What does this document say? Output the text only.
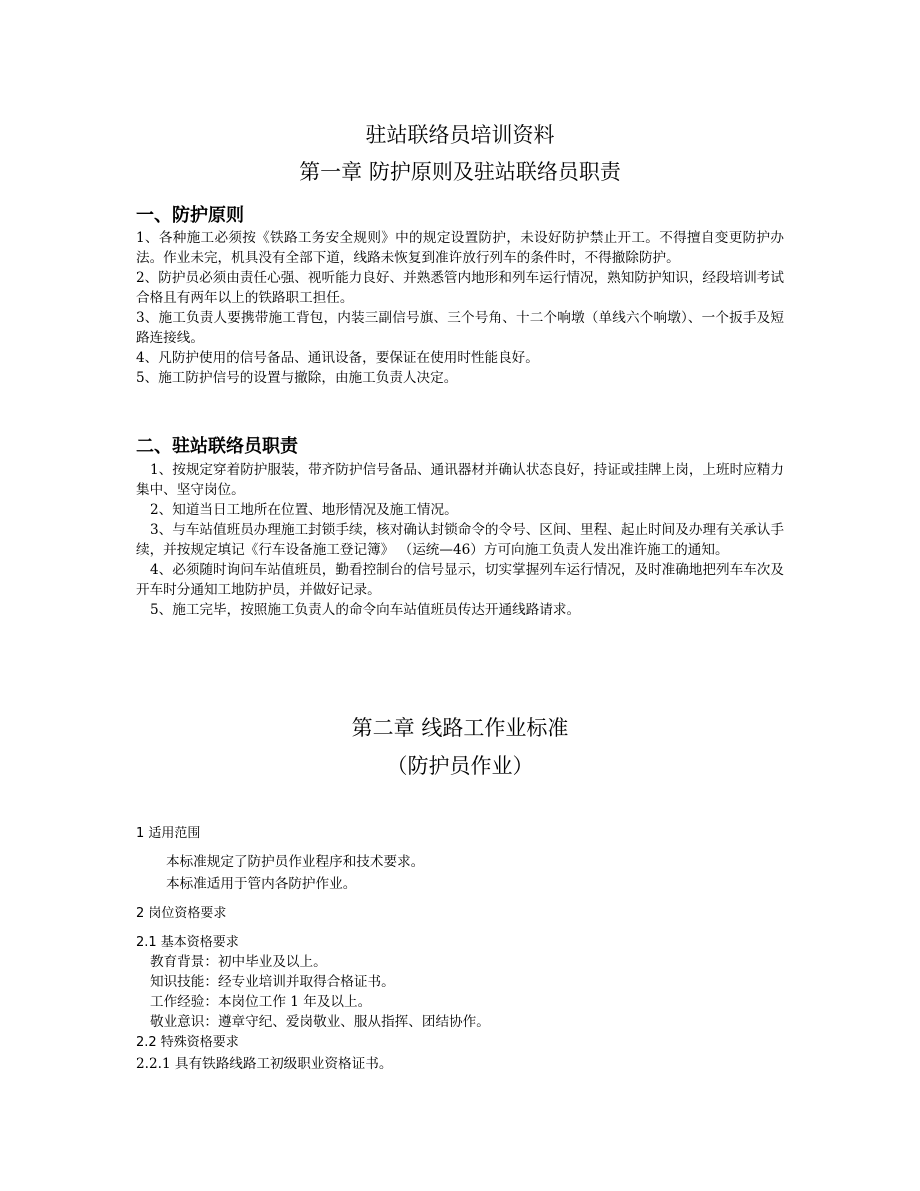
驻站联络员培训资料
第一章 防护原则及驻站联络员职责
一、防护原则
1、各种施工必须按《铁路工务安全规则》中的规定设置防护，未设好防护禁止开工。不得擅自变更防护办法。作业未完，机具没有全部下道，线路未恢复到准许放行列车的条件时，不得撤除防护。
2、防护员必须由责任心强、视听能力良好、并熟悉管内地形和列车运行情况，熟知防护知识，经段培训考试合格且有两年以上的铁路职工担任。
3、施工负责人要携带施工背包，内装三副信号旗、三个号角、十二个响墩（单线六个响墩）、一个扳手及短路连接线。
4、凡防护使用的信号备品、通讯设备，要保证在使用时性能良好。
5、施工防护信号的设置与撤除，由施工负责人决定。
二、驻站联络员职责
1、按规定穿着防护服装，带齐防护信号备品、通讯器材并确认状态良好，持证或挂牌上岗，上班时应精力集中、坚守岗位。
2、知道当日工地所在位置、地形情况及施工情况。
3、与车站值班员办理施工封锁手续，核对确认封锁命令的令号、区间、里程、起止时间及办理有关承认手续，并按规定填记《行车设备施工登记簿》 （运统—46）方可向施工负责人发出准许施工的通知。
4、必须随时询问车站值班员，勤看控制台的信号显示，切实掌握列车运行情况，及时准确地把列车车次及开车时分通知工地防护员，并做好记录。
5、施工完毕，按照施工负责人的命令向车站值班员传达开通线路请求。
第二章 线路工作业标准
（防护员作业）
1 适用范围
本标准规定了防护员作业程序和技术要求。
本标准适用于管内各防护作业。
2 岗位资格要求
2.1 基本资格要求
教育背景：初中毕业及以上。
知识技能：经专业培训并取得合格证书。
工作经验：本岗位工作 1 年及以上。
敬业意识：遵章守纪、爱岗敬业、服从指挥、团结协作。
2.2 特殊资格要求
2.2.1 具有铁路线路工初级职业资格证书。
